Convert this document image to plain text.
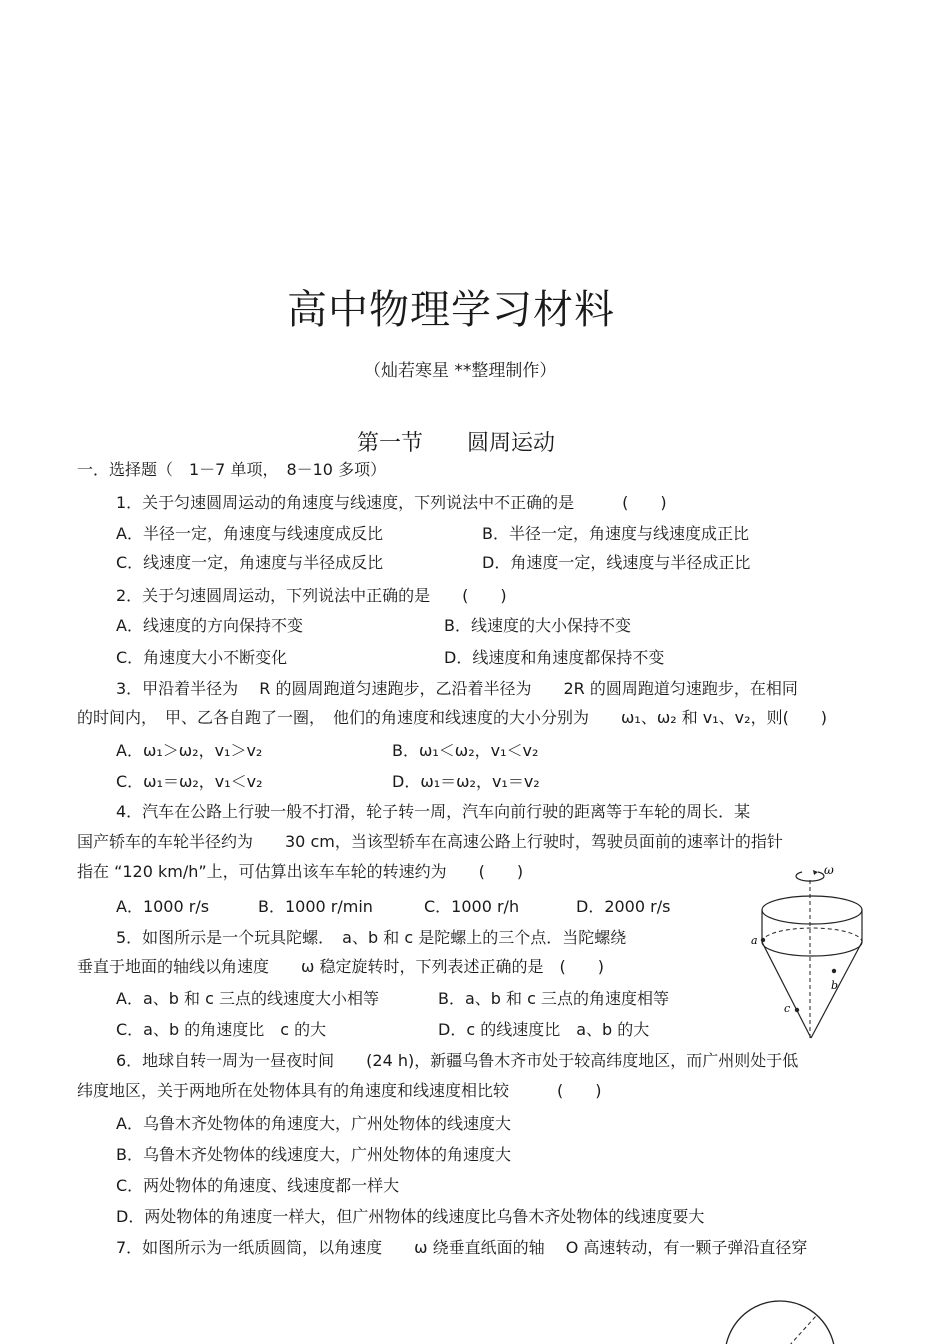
高中物理学习材料
（灿若寒星 **整理制作）
第一节　　圆周运动
一．选择题（　1－7 单项，　8－10 多项）
1．关于匀速圆周运动的角速度与线速度，下列说法中不正确的是　　　(　　)
A．半径一定，角速度与线速度成反比	B．半径一定，角速度与线速度成正比
C．线速度一定，角速度与半径成反比	D．角速度一定，线速度与半径成正比
2．关于匀速圆周运动，下列说法中正确的是　　(　　)
A．线速度的方向保持不变	B．线速度的大小保持不变
C．角速度大小不断变化	D．线速度和角速度都保持不变
3．甲沿着半径为　 R 的圆周跑道匀速跑步，乙沿着半径为　　2R 的圆周跑道匀速跑步，在相同
的时间内，　甲、乙各自跑了一圈，　他们的角速度和线速度的大小分别为　　ω₁、ω₂ 和 v₁、v₂，则(　　)
A．ω₁＞ω₂，v₁＞v₂	B．ω₁＜ω₂，v₁＜v₂
C．ω₁＝ω₂，v₁＜v₂	D．ω₁＝ω₂，v₁＝v₂
4．汽车在公路上行驶一般不打滑，轮子转一周，汽车向前行驶的距离等于车轮的周长．某
国产轿车的车轮半径约为　　30 cm，当该型轿车在高速公路上行驶时，驾驶员面前的速率计的指针
指在 “120 km/h”上，可估算出该车车轮的转速约为　　(　　)
A．1000 r/s	B．1000 r/min	C．1000 r/h	D．2000 r/s
5．如图所示是一个玩具陀螺．　a、b 和 c 是陀螺上的三个点．当陀螺绕
垂直于地面的轴线以角速度　　ω 稳定旋转时，下列表述正确的是　(　　)
A．a、b 和 c 三点的线速度大小相等	B．a、b 和 c 三点的角速度相等
C．a、b 的角速度比　c 的大	D．c 的线速度比　a、b 的大
ω
a
b
c
6．地球自转一周为一昼夜时间　　(24 h)，新疆乌鲁木齐市处于较高纬度地区，而广州则处于低
纬度地区，关于两地所在处物体具有的角速度和线速度相比较　　　(　　)
A．乌鲁木齐处物体的角速度大，广州处物体的线速度大
B．乌鲁木齐处物体的线速度大，广州处物体的角速度大
C．两处物体的角速度、线速度都一样大
D．两处物体的角速度一样大，但广州物体的线速度比乌鲁木齐处物体的线速度要大
7．如图所示为一纸质圆筒，以角速度　　ω 绕垂直纸面的轴　 O 高速转动，有一颗子弹沿直径穿
